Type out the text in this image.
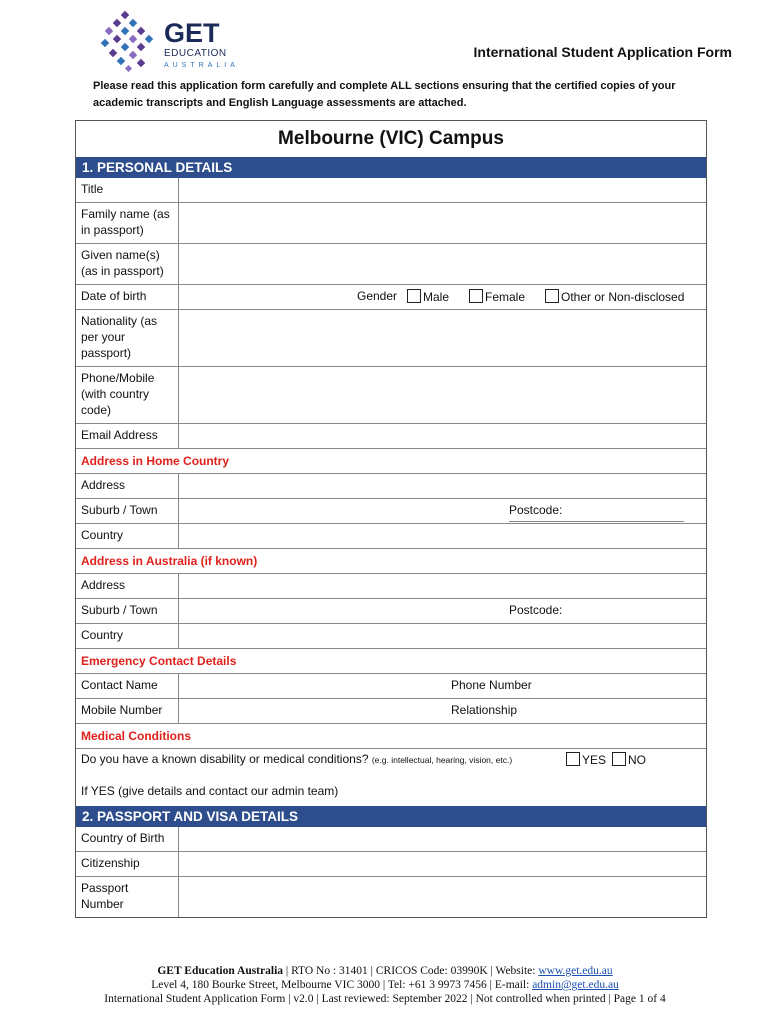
GET
EDUCATION
AUSTRALIA
International Student Application Form
Please read this application form carefully and complete ALL sections ensuring that the certified copies of your academic transcripts and English Language assessments are attached.
Melbourne (VIC) Campus
1. PERSONAL DETAILS
Title
Family name (as in passport)
Given name(s) (as in passport)
Date of birth	Gender	Male	Female	Other or Non-disclosed
Nationality (as per your passport)
Phone/Mobile (with country code)
Email Address
Address in Home Country
Address
Suburb / Town	Postcode:
Country
Address in Australia (if known)
Address
Suburb / Town	Postcode:
Country
Emergency Contact Details
Contact Name	Phone Number
Mobile Number	Relationship
Medical Conditions
Do you have a known disability or medical conditions? (e.g. intellectual, hearing, vision, etc.)	YES	NO
If YES (give details and contact our admin team)
2. PASSPORT AND VISA DETAILS
Country of Birth
Citizenship
Passport Number
GET Education Australia | RTO No : 31401 | CRICOS Code: 03990K | Website: www.get.edu.au
Level 4, 180 Bourke Street, Melbourne VIC 3000 | Tel: +61 3 9973 7456 | E-mail: admin@get.edu.au
International Student Application Form | v2.0 | Last reviewed: September 2022 | Not controlled when printed | Page 1 of 4
